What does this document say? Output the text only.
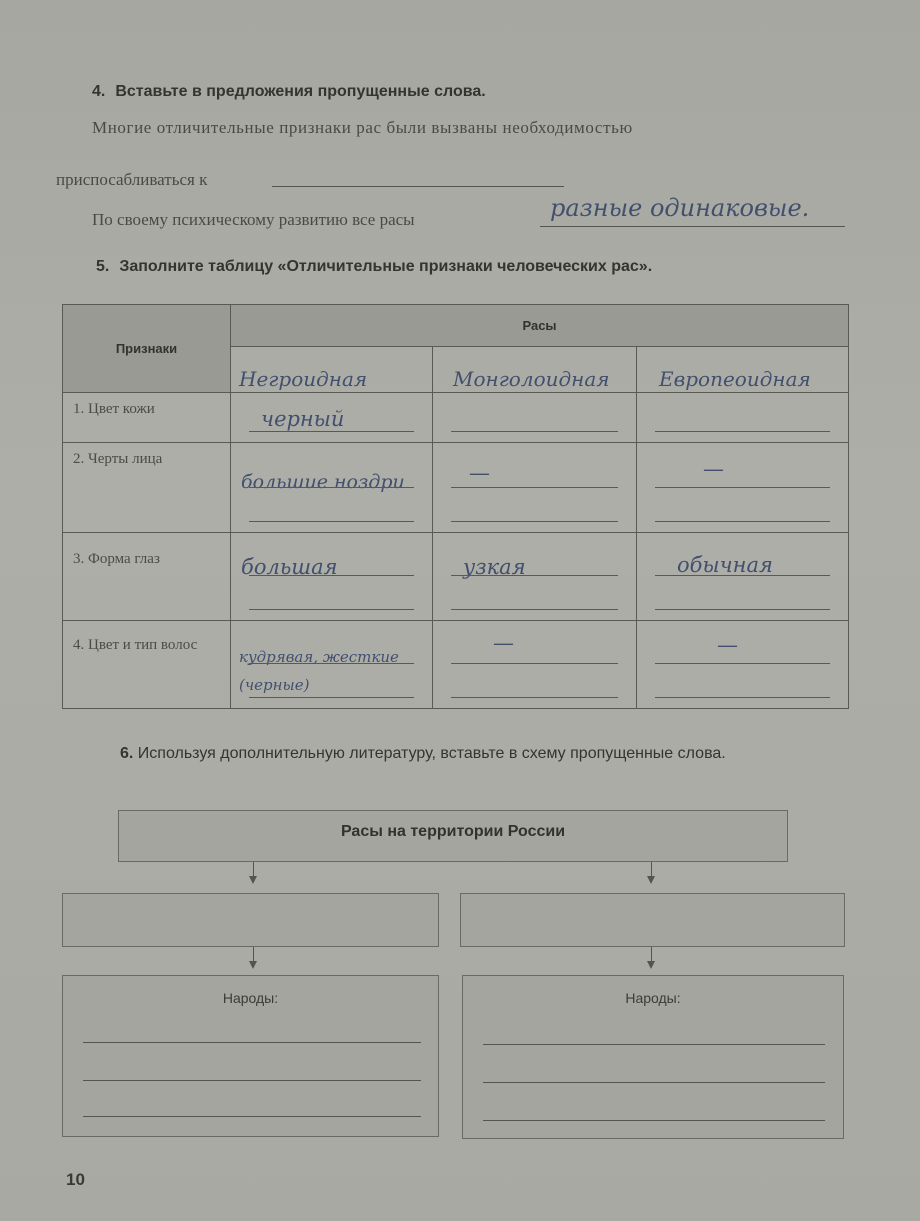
4. Вставьте в предложения пропущенные слова.
Многие отличительные признаки рас были вызваны необходимостью
приспосабливаться к
По своему психическому развитию все расы	разные одинаковые.
5. Заполните таблицу «Отличительные признаки человеческих рас».
Признаки	Расы		

	Негроидная	Монголоидная	Европеоидная

1. Цвет кожи	черный		

2. Черты лица	большие ноздри	—	—

3. Форма глаз	большая	узкая	обычная

4. Цвет и тип волос	кудрявая, жесткие (черные)	—	—
6. Используя дополнительную литературу, вставьте в схему пропущенные слова.
Расы на территории России
Народы:	Народы:
10
